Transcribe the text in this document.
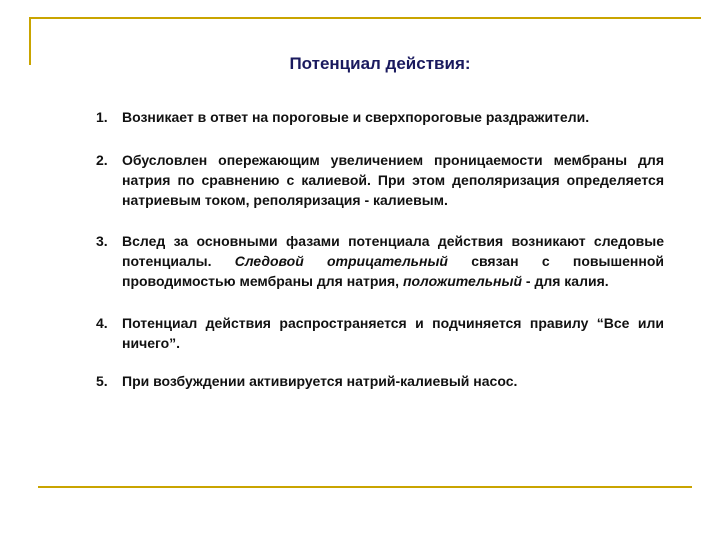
Потенциал действия:
1.	Возникает в ответ на пороговые и сверхпороговые раздражители.
2.	Обусловлен опережающим увеличением проницаемости мембраны для натрия по сравнению с калиевой. При этом деполяризация определяется натриевым током, реполяризация - калиевым.
3.	Вслед за основными фазами потенциала действия возникают следовые потенциалы. Следовой отрицательный связан с повышенной проводимостью мембраны для натрия, положительный - для калия.
4.	Потенциал действия распространяется и подчиняется правилу “Все или ничего”.
5.	При возбуждении активируется натрий-калиевый насос.
